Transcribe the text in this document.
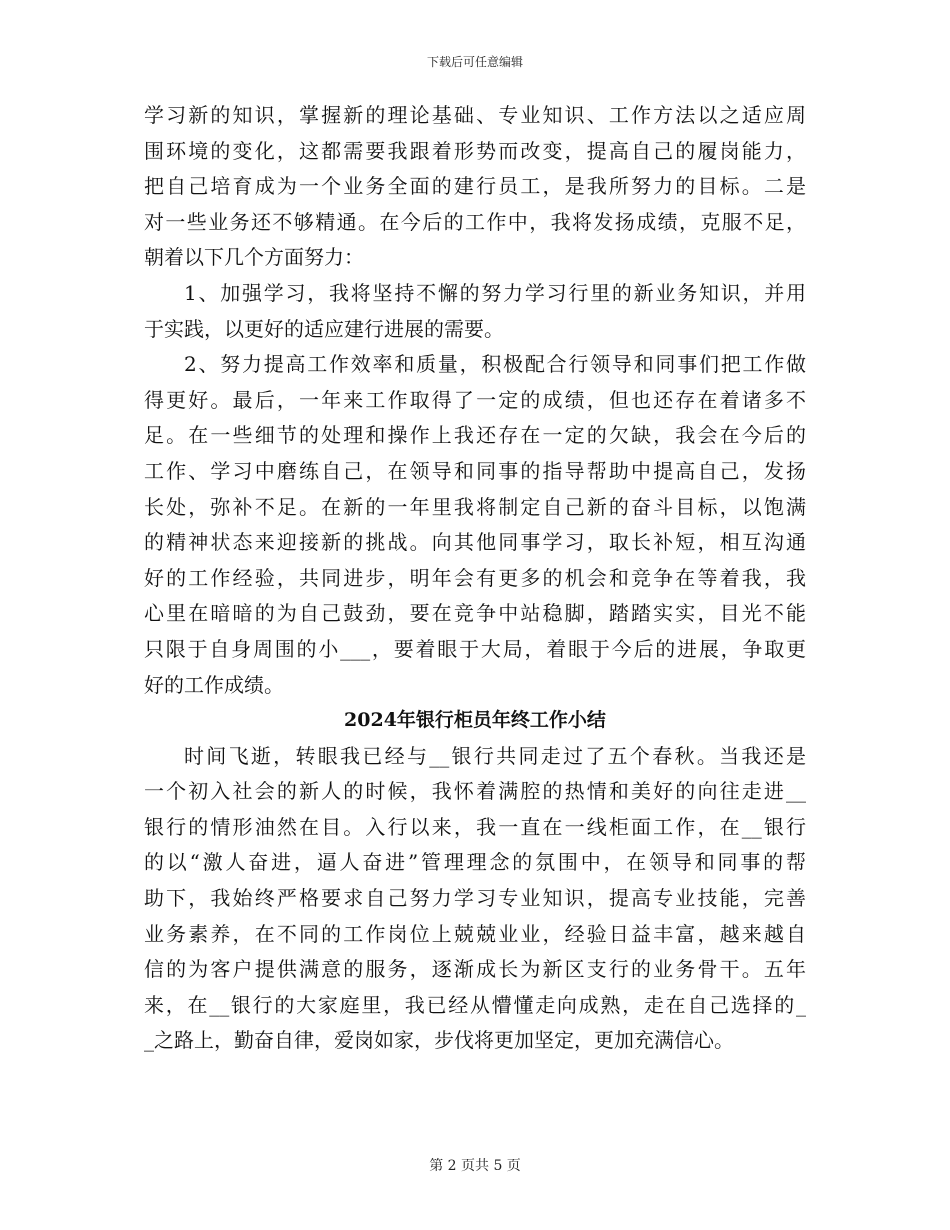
下载后可任意编辑
学习新的知识，掌握新的理论基础、专业知识、工作方法以之适应周
围环境的变化，这都需要我跟着形势而改变，提高自己的履岗能力，
把自己培育成为一个业务全面的建行员工，是我所努力的目标。二是
对一些业务还不够精通。在今后的工作中，我将发扬成绩，克服不足，
朝着以下几个方面努力：
1、加强学习，我将坚持不懈的努力学习行里的新业务知识，并用
于实践，以更好的适应建行进展的需要。
2、努力提高工作效率和质量，积极配合行领导和同事们把工作做
得更好。最后，一年来工作取得了一定的成绩，但也还存在着诸多不
足。在一些细节的处理和操作上我还存在一定的欠缺，我会在今后的
工作、学习中磨练自己，在领导和同事的指导帮助中提高自己，发扬
长处，弥补不足。在新的一年里我将制定自己新的奋斗目标，以饱满
的精神状态来迎接新的挑战。向其他同事学习，取长补短，相互沟通
好的工作经验，共同进步，明年会有更多的机会和竞争在等着我，我
心里在暗暗的为自己鼓劲，要在竞争中站稳脚，踏踏实实，目光不能
只限于自身周围的小___，要着眼于大局，着眼于今后的进展，争取更
好的工作成绩。
2024年银行柜员年终工作小结
时间飞逝，转眼我已经与__银行共同走过了五个春秋。当我还是
一个初入社会的新人的时候，我怀着满腔的热情和美好的向往走进__
银行的情形油然在目。入行以来，我一直在一线柜面工作，在__银行
的以“激人奋进，逼人奋进”管理理念的氛围中，在领导和同事的帮
助下，我始终严格要求自己努力学习专业知识，提高专业技能，完善
业务素养，在不同的工作岗位上兢兢业业，经验日益丰富，越来越自
信的为客户提供满意的服务，逐渐成长为新区支行的业务骨干。五年
来，在__银行的大家庭里，我已经从懵懂走向成熟，走在自己选择的_
_之路上，勤奋自律，爱岗如家，步伐将更加坚定，更加充满信心。
第 2 页共 5 页
